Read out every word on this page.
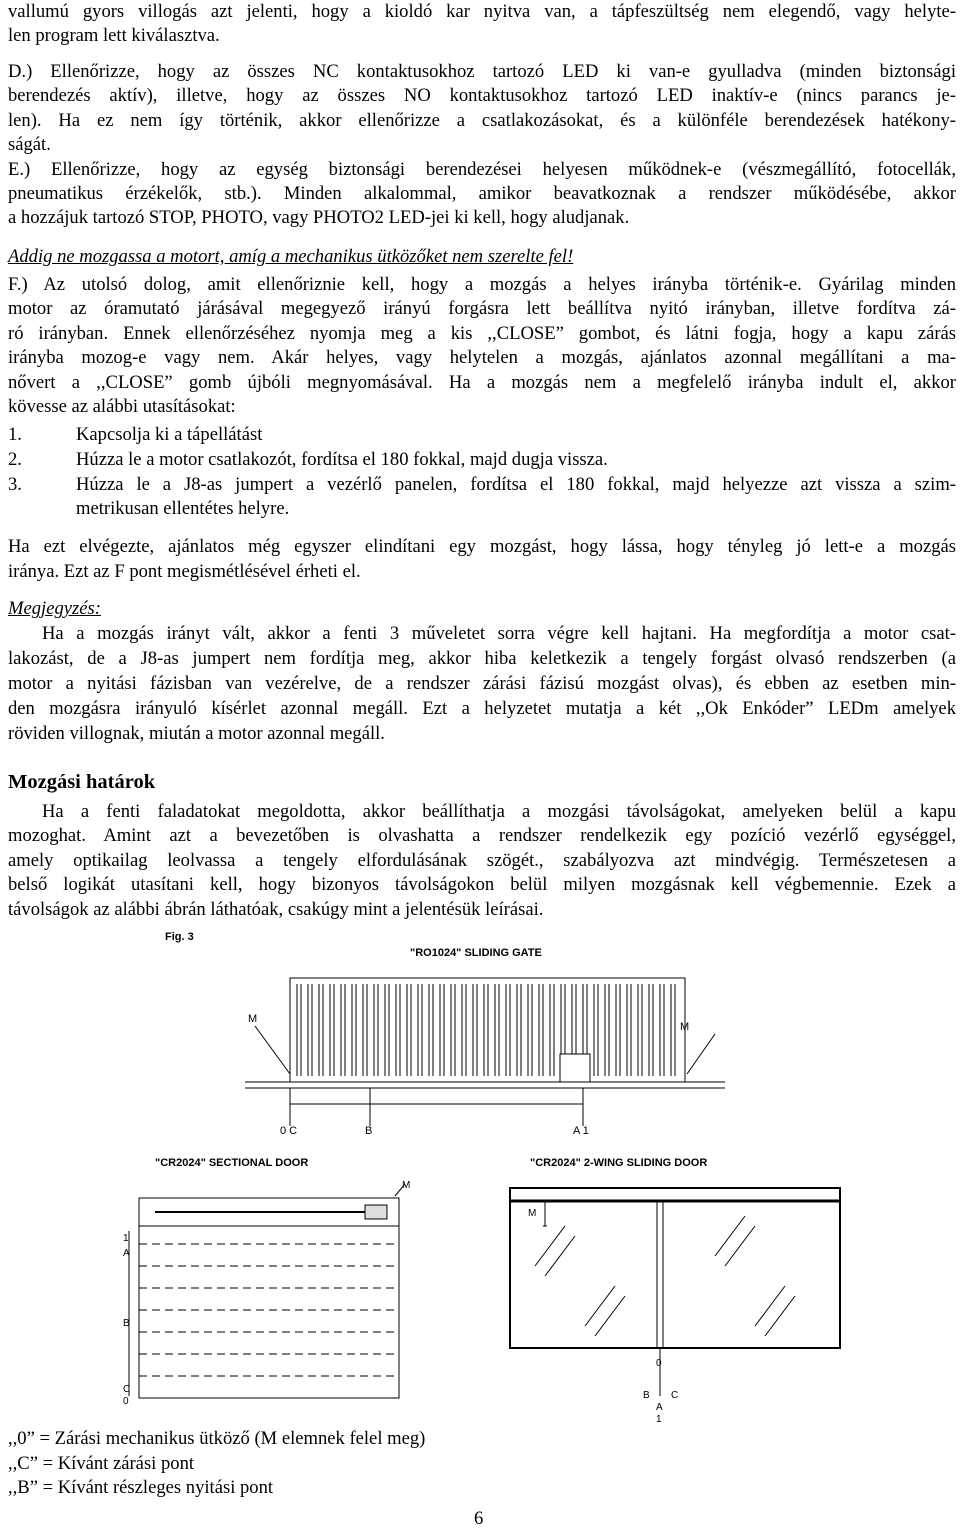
vallumú gyors villogás azt jelenti, hogy a kioldó kar nyitva van, a tápfeszültség nem elegendő, vagy helyte-
len program lett kiválasztva.
D.) Ellenőrizze, hogy az összes NC kontaktusokhoz tartozó LED ki van-e gyulladva (minden biztonsági
berendezés aktív), illetve, hogy az összes NO kontaktusokhoz tartozó LED inaktív-e (nincs parancs je-
len). Ha ez nem így történik, akkor ellenőrizze a csatlakozásokat, és a különféle berendezések hatékony-
ságát.
E.) Ellenőrizze, hogy az egység biztonsági berendezései helyesen működnek-e (vészmegállító, fotocellák,
pneumatikus érzékelők, stb.). Minden alkalommal, amikor beavatkoznak a rendszer működésébe, akkor
a hozzájuk tartozó STOP, PHOTO, vagy PHOTO2 LED-jei ki kell, hogy aludjanak.
Addig ne mozgassa a motort, amíg a mechanikus ütközőket nem szerelte fel!
F.) Az utolsó dolog, amit ellenőriznie kell, hogy a mozgás a helyes irányba történik-e. Gyárilag minden
motor az óramutató járásával megegyező irányú forgásra lett beállítva nyitó irányban, illetve fordítva zá-
ró irányban. Ennek ellenőrzéséhez nyomja meg a kis ,,CLOSE” gombot, és látni fogja, hogy a kapu zárás
irányba mozog-e vagy nem. Akár helyes, vagy helytelen a mozgás, ajánlatos azonnal megállítani a ma-
nővert a ,,CLOSE” gomb újbóli megnyomásával. Ha a mozgás nem a megfelelő irányba indult el, akkor
kövesse az alábbi utasításokat:
1.	Kapcsolja ki a tápellátást
2.	Húzza le a motor csatlakozót, fordítsa el 180 fokkal, majd dugja vissza.
3.	Húzza le a J8-as jumpert a vezérlő panelen, fordítsa el 180 fokkal, majd helyezze azt vissza a szim-
metrikusan ellentétes helyre.
Ha ezt elvégezte, ajánlatos még egyszer elindítani egy mozgást, hogy lássa, hogy tényleg jó lett-e a mozgás
iránya. Ezt az F pont megismétlésével érheti el.
Megjegyzés:
Ha a mozgás irányt vált, akkor a fenti 3 műveletet sorra végre kell hajtani. Ha megfordítja a motor csat-
lakozást, de a J8-as jumpert nem fordítja meg, akkor hiba keletkezik a tengely forgást olvasó rendszerben (a
motor a nyitási fázisban van vezérelve, de a rendszer zárási fázisú mozgást olvas), és ebben az esetben min-
den mozgásra irányuló kísérlet azonnal megáll. Ezt a helyzetet mutatja a két ,,Ok Enkóder” LEDm amelyek
röviden villognak, miután a motor azonnal megáll.
Mozgási határok
Ha a fenti faladatokat megoldotta, akkor beállíthatja a mozgási távolságokat, amelyeken belül a kapu
mozoghat. Amint azt a bevezetőben is olvashatta a rendszer rendelkezik egy pozíció vezérlő egységgel,
amely optikailag leolvassa a tengely elfordulásának szögét., szabályozva azt mindvégig. Természetesen a
belső logikát utasítani kell, hogy bizonyos távolságokon belül milyen mozgásnak kell végbemennie. Ezek a
távolságok az alábbi ábrán láthatóak, csakúgy mint a jelentésük leírásai.
Fig. 3
"RO1024" SLIDING GATE
"CR2024" SECTIONAL DOOR	"CR2024" 2-WING SLIDING DOOR
M
M
0 C	B	A 1
M
1
A
B
C
0
M
0
B C
A
1
,,0” = Zárási mechanikus ütköző (M elemnek felel meg)
,,C” = Kívánt zárási pont
,,B” = Kívánt részleges nyitási pont
6
